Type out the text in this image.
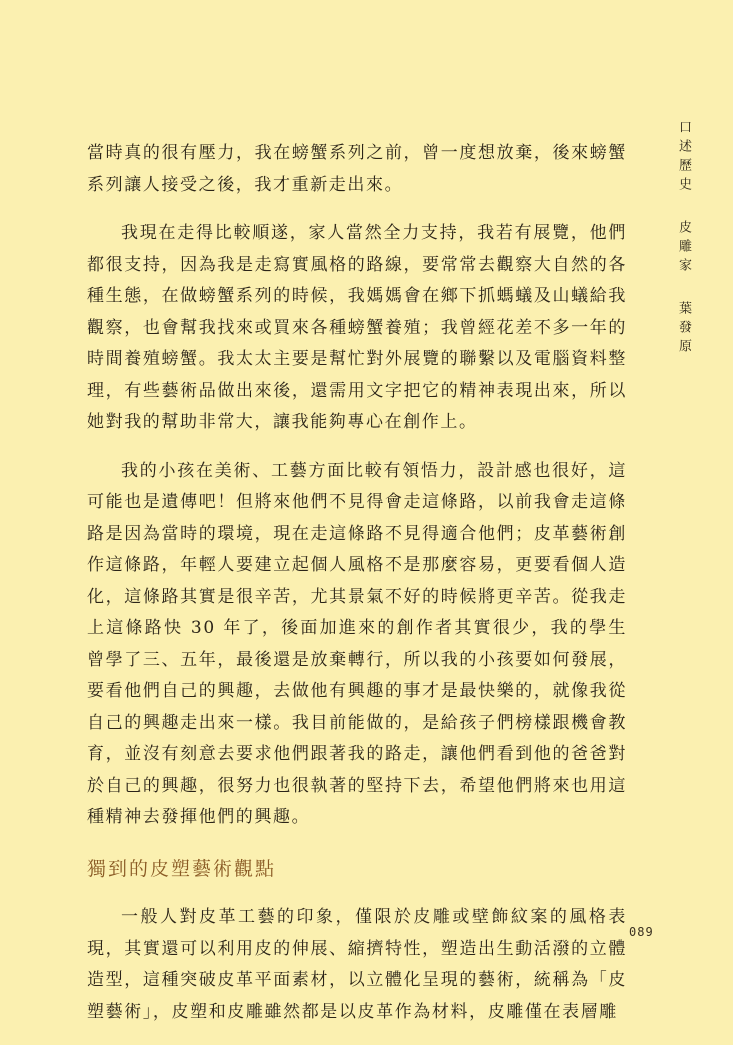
口述歷史 皮雕家 葉發原

當時真的很有壓力，我在螃蟹系列之前，曾一度想放棄，後來螃蟹系列讓人接受之後，我才重新走出來。

我現在走得比較順遂，家人當然全力支持，我若有展覽，他們都很支持，因為我是走寫實風格的路線，要常常去觀察大自然的各種生態，在做螃蟹系列的時候，我媽媽會在鄉下抓螞蟻及山蟻給我觀察，也會幫我找來或買來各種螃蟹養殖；我曾經花差不多一年的時間養殖螃蟹。我太太主要是幫忙對外展覽的聯繫以及電腦資料整理，有些藝術品做出來後，還需用文字把它的精神表現出來，所以她對我的幫助非常大，讓我能夠專心在創作上。

我的小孩在美術、工藝方面比較有領悟力，設計感也很好，這可能也是遺傳吧！但將來他們不見得會走這條路，以前我會走這條路是因為當時的環境，現在走這條路不見得適合他們；皮革藝術創作這條路，年輕人要建立起個人風格不是那麼容易，更要看個人造化，這條路其實是很辛苦，尤其景氣不好的時候將更辛苦。從我走上這條路快 30 年了，後面加進來的創作者其實很少，我的學生曾學了三、五年，最後還是放棄轉行，所以我的小孩要如何發展，要看他們自己的興趣，去做他有興趣的事才是最快樂的，就像我從自己的興趣走出來一樣。我目前能做的，是給孩子們榜樣跟機會教育，並沒有刻意去要求他們跟著我的路走，讓他們看到他的爸爸對於自己的興趣，很努力也很執著的堅持下去，希望他們將來也用這種精神去發揮他們的興趣。

獨到的皮塑藝術觀點

一般人對皮革工藝的印象，僅限於皮雕或壁飾紋案的風格表現，其實還可以利用皮的伸展、縮擠特性，塑造出生動活潑的立體造型，這種突破皮革平面素材，以立體化呈現的藝術，統稱為「皮塑藝術」，皮塑和皮雕雖然都是以皮革作為材料，皮雕僅在表層雕

089
